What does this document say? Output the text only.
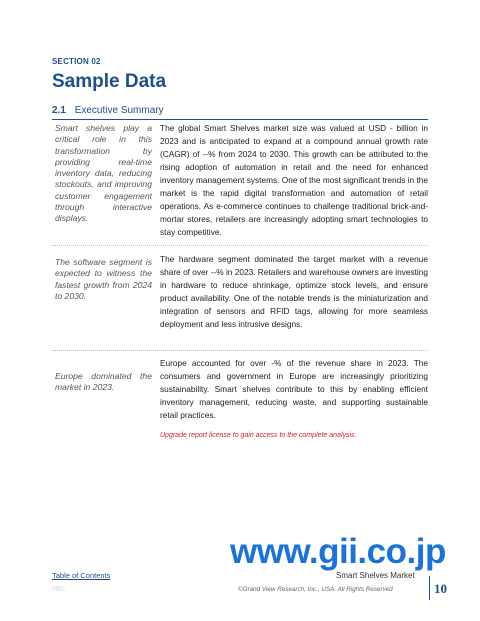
SECTION 02
Sample Data
2.1 Executive Summary
Smart shelves play a critical role in this transformation by providing real-time inventory data, reducing stockouts, and improving customer engagement through interactive displays.
The global Smart Shelves market size was valued at USD - billion in 2023 and is anticipated to expand at a compound annual growth rate (CAGR) of --% from 2024 to 2030. This growth can be attributed to the rising adoption of automation in retail and the need for enhanced inventory management systems. One of the most significant trends in the market is the rapid digital transformation and automation of retail operations. As e-commerce continues to challenge traditional brick-and-mortar stores, retailers are increasingly adopting smart technologies to stay competitive.
The software segment is expected to witness the fastest growth from 2024 to 2030.
The hardware segment dominated the target market with a revenue share of over --% in 2023. Retailers and warehouse owners are investing in hardware to reduce shrinkage, optimize stock levels, and ensure product availability. One of the notable trends is the miniaturization and integration of sensors and RFID tags, allowing for more seamless deployment and less intrusive designs.
Europe dominated the market in 2023.
Europe accounted for over -% of the revenue share in 2023. The consumers and government in Europe are increasingly prioritizing sustainability. Smart shelves contribute to this by enabling efficient inventory management, reducing waste, and supporting sustainable retail practices.
Upgrade report license to gain access to the complete analysis.
www.gii.co.jp
Table of Contents
HEL
Smart Shelves Market
©Grand View Research, Inc., USA. All Rights Reserved	10
